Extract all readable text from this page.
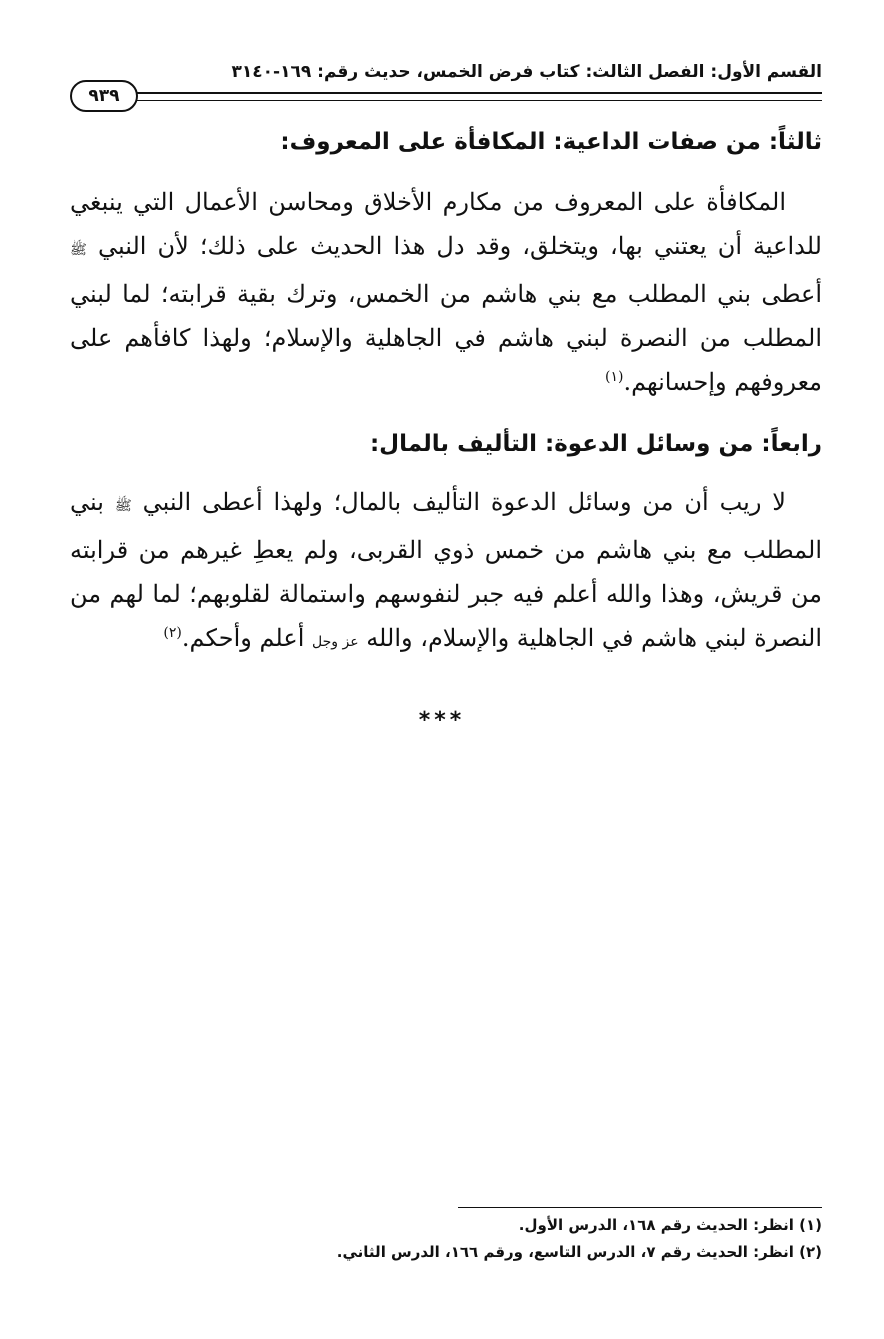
القسم الأول: الفصل الثالث: كتاب فرض الخمس، حديث رقم: ١٦٩-٣١٤٠
٩٣٩
ثالثاً: من صفات الداعية: المكافأة على المعروف:
المكافأة على المعروف من مكارم الأخلاق ومحاسن الأعمال التي ينبغي للداعية أن يعتني بها، ويتخلق، وقد دل هذا الحديث على ذلك؛ لأن النبي ﷺ أعطى بني المطلب مع بني هاشم من الخمس، وترك بقية قرابته؛ لما لبني المطلب من النصرة لبني هاشم في الجاهلية والإسلام؛ ولهذا كافأهم على معروفهم وإحسانهم.$^{(١)}$
رابعاً: من وسائل الدعوة: التأليف بالمال:
لا ريب أن من وسائل الدعوة التأليف بالمال؛ ولهذا أعطى النبي ﷺ بني المطلب مع بني هاشم من خمس ذوي القربى، ولم يعطِ غيرهم من قرابته من قريش، وهذا والله أعلم فيه جبر لنفوسهم واستمالة لقلوبهم؛ لما لهم من النصرة لبني هاشم في الجاهلية والإسلام، والله عز وجل أعلم وأحكم.$^{(٢)}$
***
(١) انظر: الحديث رقم ١٦٨، الدرس الأول.
(٢) انظر: الحديث رقم ٧، الدرس التاسع، ورقم ١٦٦، الدرس الثاني.
